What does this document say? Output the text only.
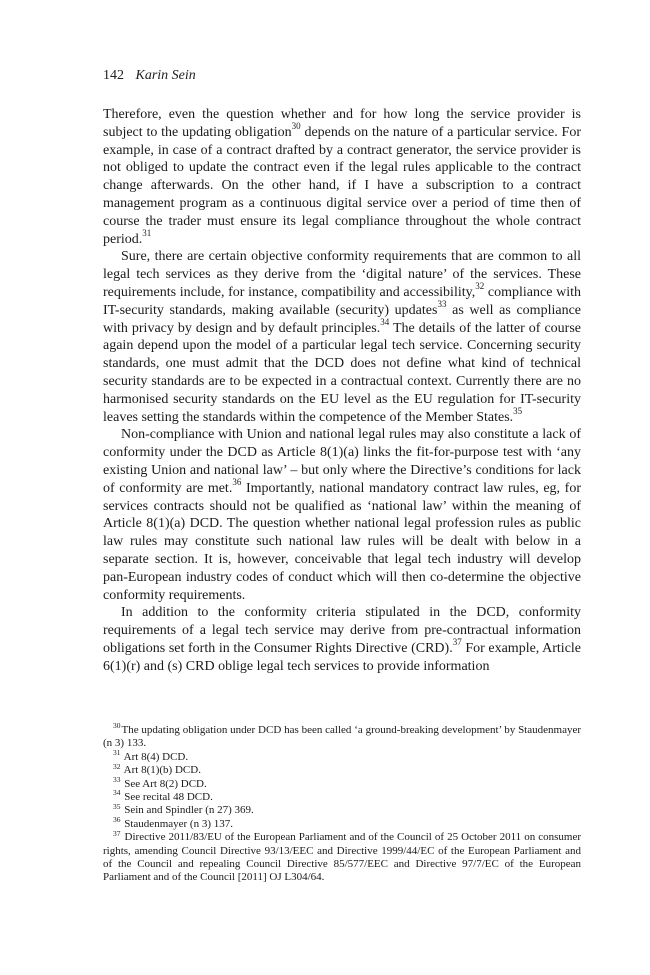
142 Karin Sein

Therefore, even the question whether and for how long the service provider is subject to the updating obligation$^{30}$ depends on the nature of a particular service. For example, in case of a contract drafted by a contract generator, the service provider is not obliged to update the contract even if the legal rules applicable to the contract change afterwards. On the other hand, if I have a subscription to a contract management program as a continuous digital service over a period of time then of course the trader must ensure its legal compliance throughout the whole contract period.$^{31}$

Sure, there are certain objective conformity requirements that are common to all legal tech services as they derive from the ‘digital nature’ of the services. These requirements include, for instance, compatibility and accessibility,$^{32}$ compliance with IT-security standards, making available (security) updates$^{33}$ as well as compliance with privacy by design and by default principles.$^{34}$ The details of the latter of course again depend upon the model of a particular legal tech service. Concerning security standards, one must admit that the DCD does not define what kind of technical security standards are to be expected in a contractual context. Currently there are no harmonised security standards on the EU level as the EU regulation for IT-security leaves setting the standards within the competence of the Member States.$^{35}$

Non-compliance with Union and national legal rules may also constitute a lack of conformity under the DCD as Article 8(1)(a) links the fit-for-purpose test with ‘any existing Union and national law’ – but only where the Directive’s conditions for lack of conformity are met.$^{36}$ Importantly, national mandatory contract law rules, eg, for services contracts should not be qualified as ‘national law’ within the meaning of Article 8(1)(a) DCD. The question whether national legal profession rules as public law rules may constitute such national law rules will be dealt with below in a separate section. It is, however, conceivable that legal tech industry will develop pan-European industry codes of conduct which will then co-determine the objective conformity requirements.

In addition to the conformity criteria stipulated in the DCD, conformity requirements of a legal tech service may derive from pre-contractual information obligations set forth in the Consumer Rights Directive (CRD).$^{37}$ For example, Article 6(1)(r) and (s) CRD oblige legal tech services to provide information

$^{30}$The updating obligation under DCD has been called ‘a ground-breaking development’ by Staudenmayer (n 3) 133.

$^{31}$ Art 8(4) DCD.

$^{32}$ Art 8(1)(b) DCD.

$^{33}$ See Art 8(2) DCD.

$^{34}$ See recital 48 DCD.

$^{35}$ Sein and Spindler (n 27) 369.

$^{36}$ Staudenmayer (n 3) 137.

$^{37}$ Directive 2011/83/EU of the European Parliament and of the Council of 25 October 2011 on consumer rights, amending Council Directive 93/13/EEC and Directive 1999/44/EC of the European Parliament and of the Council and repealing Council Directive 85/577/EEC and Directive 97/7/EC of the European Parliament and of the Council [2011] OJ L304/64.
